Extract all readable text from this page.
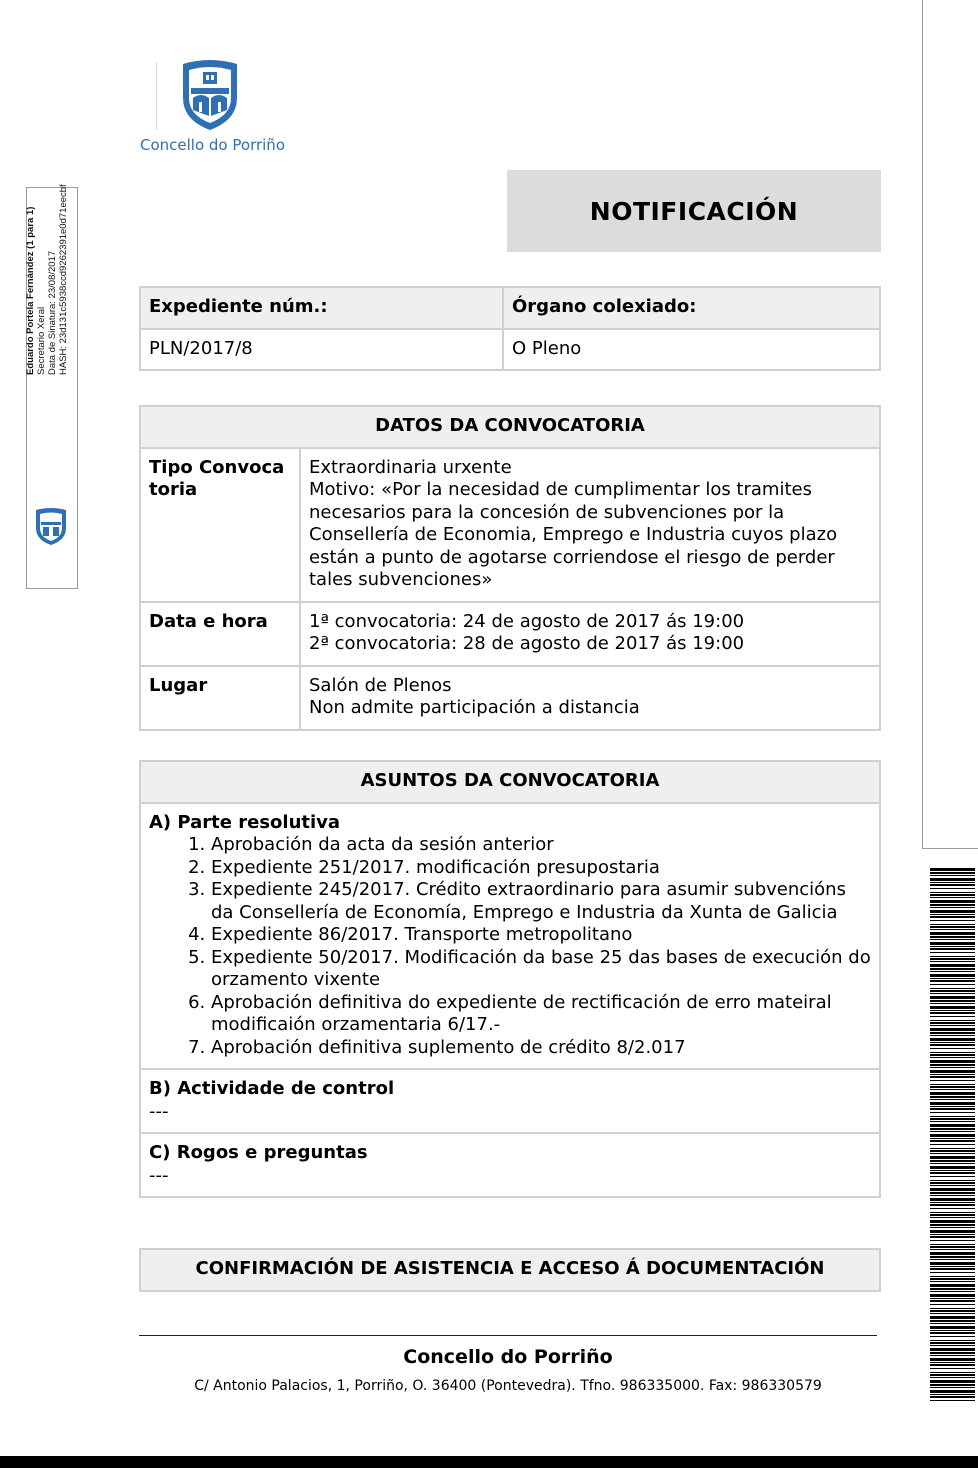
Concello do Porriño
NOTIFICACIÓN
Eduardo Portela Fernández (1 para 1) Secretario Xeral Data de Sinatura: 23/08/2017 HASH: 23d131c5938ccd9262391e0d71eecbf	Expediente núm.:	Órgano colexiado:
PLN/2017/8	O Pleno
DATOS DA CONVOCATORIA	
Tipo Convocatoria	Extraordinaria urxente
Motivo: «Por la necesidad de cumplimentar los tramites necesarios para la concesión de subvenciones por la Consellería de Economia, Emprego e Industria cuyos plazo están a punto de agotarse corriendose el riesgo de perder tales subvenciones»

Data e hora	1ª convocatoria: 24 de agosto de 2017 ás 19:00
2ª convocatoria: 28 de agosto de 2017 ás 19:00

Lugar	Salón de Plenos
Non admite participación a distancia
ASUNTOS DA CONVOCATORIA

A) Parte resolutiva
1. Aprobación da acta da sesión anterior
2. Expediente 251/2017. modificación presupostaria
3. Expediente 245/2017. Crédito extraordinario para asumir subvencións da Consellería de Economía, Emprego e Industria da Xunta de Galicia
4. Expediente 86/2017. Transporte metropolitano
5. Expediente 50/2017. Modificación da base 25 das bases de execución do orzamento vixente
6. Aprobación definitiva do expediente de rectificación de erro mateiral modificaión orzamentaria 6/17.-
7. Aprobación definitiva suplemento de crédito 8/2.017

B) Actividade de control
---

C) Rogos e preguntas
---
CONFIRMACIÓN DE ASISTENCIA E ACCESO Á DOCUMENTACIÓN
Concello do Porriño
C/ Antonio Palacios, 1, Porriño, O. 36400 (Pontevedra). Tfno. 986335000. Fax: 986330579
